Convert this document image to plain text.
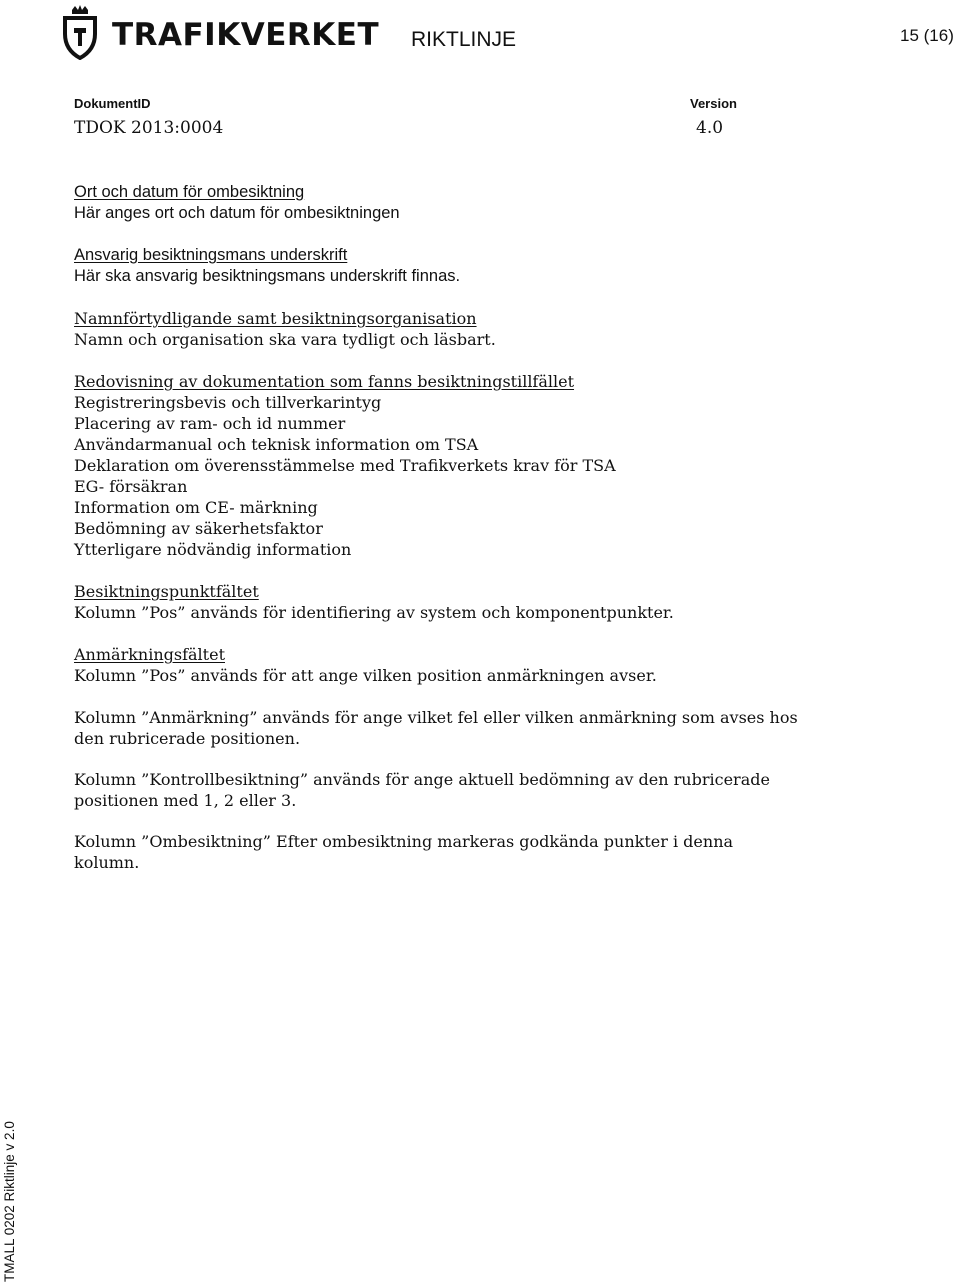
TRAFIKVERKET RIKTLINJE	15 (16)
DokumentID	Version
TDOK 2013:0004	4.0
Ort och datum för ombesiktning
Här anges ort och datum för ombesiktningen
Ansvarig besiktningsmans underskrift
Här ska ansvarig besiktningsmans underskrift finnas.
Namnförtydligande samt besiktningsorganisation
Namn och organisation ska vara tydligt och läsbart.
Redovisning av dokumentation som fanns besiktningstillfället
Registreringsbevis och tillverkarintyg
Placering av ram- och id nummer
Användarmanual och teknisk information om TSA
Deklaration om överensstämmelse med Trafikverkets krav för TSA
EG- försäkran
Information om CE- märkning
Bedömning av säkerhetsfaktor
Ytterligare nödvändig information
Besiktningspunktfältet
Kolumn ”Pos” används för identifiering av system och komponentpunkter.
Anmärkningsfältet
Kolumn ”Pos” används för att ange vilken position anmärkningen avser.
Kolumn ”Anmärkning” används för ange vilket fel eller vilken anmärkning som avses hos den rubricerade positionen.
Kolumn ”Kontrollbesiktning” används för ange aktuell bedömning av den rubricerade positionen med 1, 2 eller 3.
Kolumn ”Ombesiktning” Efter ombesiktning markeras godkända punkter i denna kolumn.
TMALL 0202 Riktlinje v 2.0
